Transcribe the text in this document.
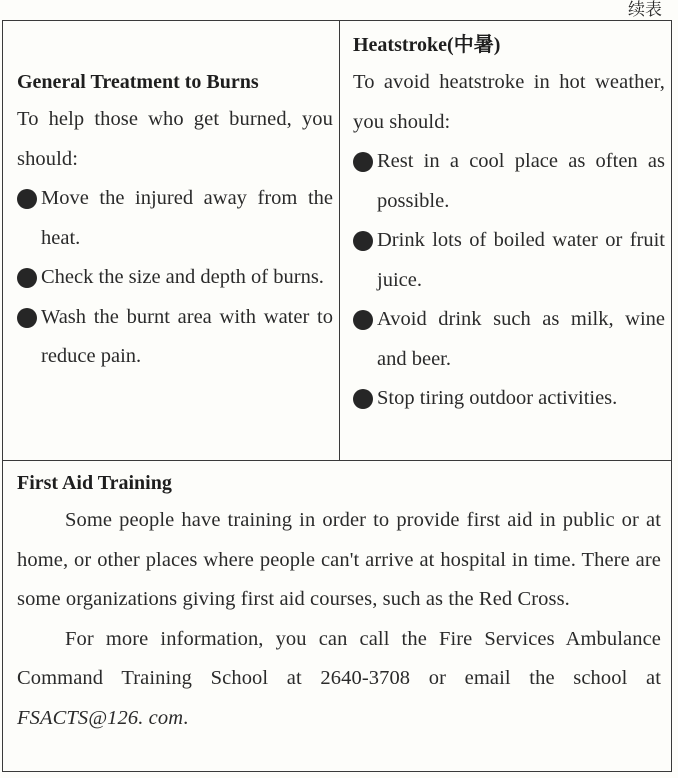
续表
General Treatment to Burns
To help those who get burned, you should:
Move the injured away from the heat.
Check the size and depth of burns.
Wash the burnt area with water to reduce pain.
Heatstroke(中暑)
To avoid heatstroke in hot weather, you should:
Rest in a cool place as often as possible.
Drink lots of boiled water or fruit juice.
Avoid drink such as milk, wine and beer.
Stop tiring outdoor activities.
First Aid Training

Some people have training in order to provide first aid in public or at home, or other places where people can't arrive at hospital in time. There are some organizations giving first aid courses, such as the Red Cross.

For more information, you can call the Fire Services Ambulance Command Training School at 2640-3708 or email the school at FSACTS@126. com.
